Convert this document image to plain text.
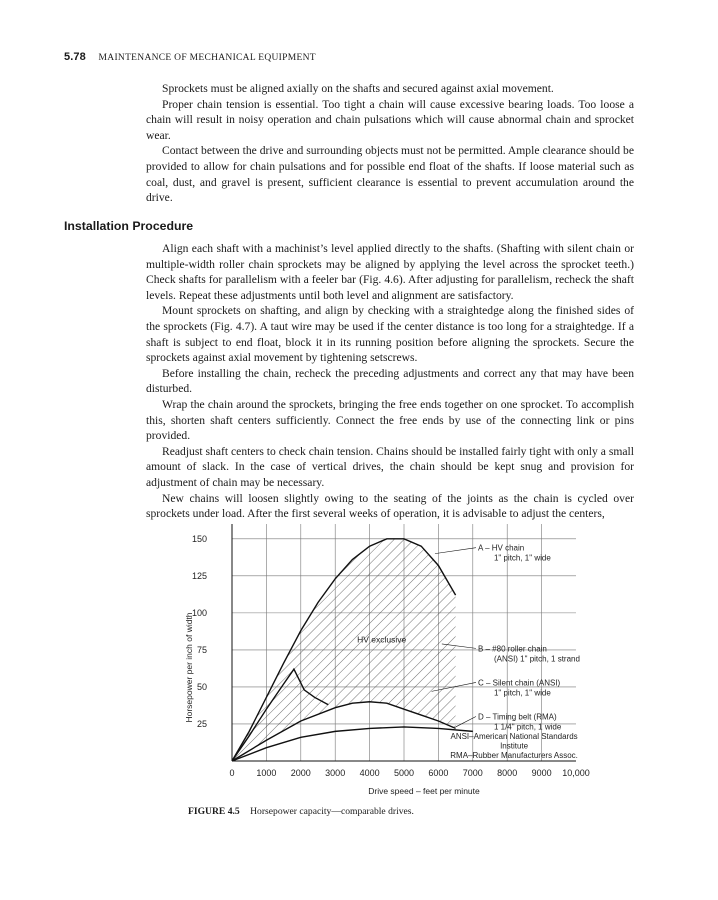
5.78 MAINTENANCE OF MECHANICAL EQUIPMENT

Sprockets must be aligned axially on the shafts and secured against axial movement.

Proper chain tension is essential. Too tight a chain will cause excessive bearing loads. Too loose a chain will result in noisy operation and chain pulsations which will cause abnormal chain and sprocket wear.

Contact between the drive and surrounding objects must not be permitted. Ample clearance should be provided to allow for chain pulsations and for possible end float of the shafts. If loose material such as coal, dust, and gravel is present, sufficient clearance is essential to prevent accumulation around the drive.

Installation Procedure

Align each shaft with a machinist’s level applied directly to the shafts. (Shafting with silent chain or multiple-width roller chain sprockets may be aligned by applying the level across the sprocket teeth.) Check shafts for parallelism with a feeler bar (Fig. 4.6). After adjusting for parallelism, recheck the shaft levels. Repeat these adjustments until both level and alignment are satisfactory.

Mount sprockets on shafting, and align by checking with a straightedge along the finished sides of the sprockets (Fig. 4.7). A taut wire may be used if the center distance is too long for a straightedge. If a shaft is subject to end float, block it in its running position before aligning the sprockets. Secure the sprockets against axial movement by tightening setscrews.

Before installing the chain, recheck the preceding adjustments and correct any that may have been disturbed.

Wrap the chain around the sprockets, bringing the free ends together on one sprocket. To accomplish this, shorten shaft centers sufficiently. Connect the free ends by use of the connecting link or pins provided.

Readjust shaft centers to check chain tension. Chains should be installed fairly tight with only a small amount of slack. In the case of vertical drives, the chain should be kept snug and provision for adjustment of chain may be necessary.

New chains will loosen slightly owing to the seating of the joints as the chain is cycled over sprockets under load. After the first several weeks of operation, it is advisable to adjust the centers,

0 1000 2000 3000 4000 5000 6000 7000 8000 9000 10,000
25
50
75
100
125
150
Drive speed – feet per minute
Horsepower per inch of width	HV exclusive
A – HV chain
1" pitch, 1" wide
B – #80 roller chain
(ANSI) 1" pitch, 1 strand
C – Silent chain (ANSI)
1" pitch, 1" wide
D – Timing belt (RMA)
1 1/4" pitch, 1 wide
ANSI–American National Standards
Institute
RMA–Rubber Manufacturers Assoc.
FIGURE 4.5 Horsepower capacity—comparable drives.
